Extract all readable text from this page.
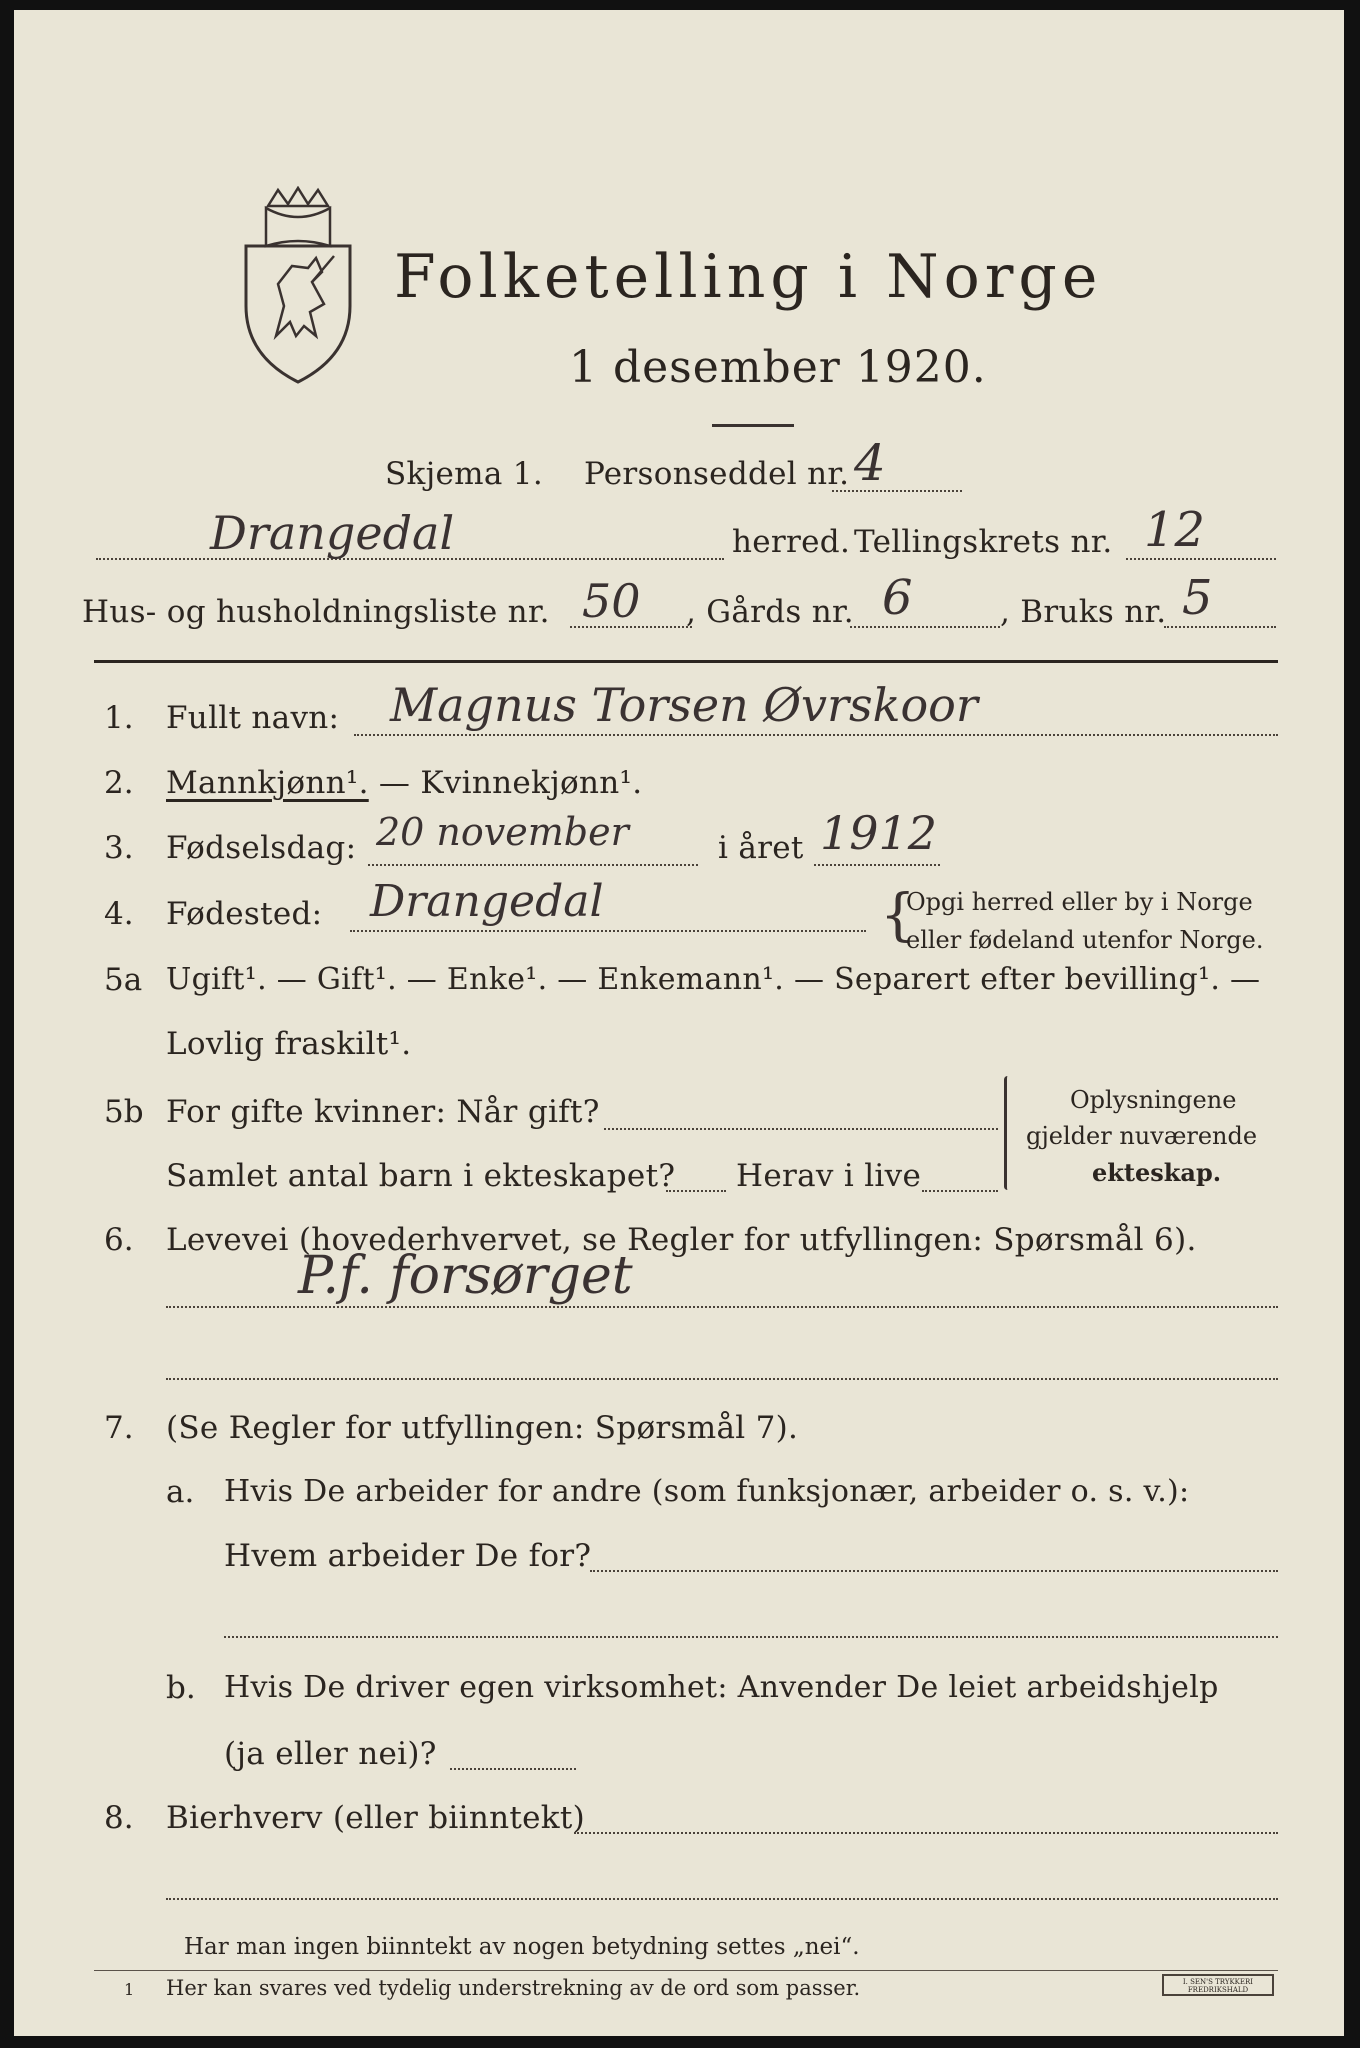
Folketelling i Norge
1 desember 1920.
Skjema 1. Personseddel nr. 4
Drangedal	herred. Tellingskrets nr. 12
Hus- og husholdningsliste nr. 50 , Gårds nr. 6	, Bruks nr. 5
1. Fullt navn: Magnus Torsen Øvrskoor
2. Mannkjønn¹. — Kvinnekjønn¹.
3. Fødselsdag: 20 november	i året 1912
4. Fødested: Drangedal	{
Opgi herred eller by i Norge
eller fødeland utenfor Norge.
5a Ugift¹. — Gift¹. — Enke¹. — Enkemann¹. — Separert efter bevilling¹. —
Lovlig fraskilt¹.
5b For gifte kvinner: Når gift?
Samlet antal barn i ekteskapet? Herav i live
Oplysningene
gjelder nuværende
ekteskap.
6. Levevei (hovederhvervet, se Regler for utfyllingen: Spørsmål 6).
P.f. forsørget
7. (Se Regler for utfyllingen: Spørsmål 7).
a. Hvis De arbeider for andre (som funksjonær, arbeider o. s. v.):
Hvem arbeider De for?
b. Hvis De driver egen virksomhet: Anvender De leiet arbeidshjelp
(ja eller nei)?
8. Bierhverv (eller biinntekt)
Har man ingen biinntekt av nogen betydning settes „nei“.
1 Her kan svares ved tydelig understrekning av de ord som passer.	I. SEN'S TRYKKERI FREDRIKSHALD
